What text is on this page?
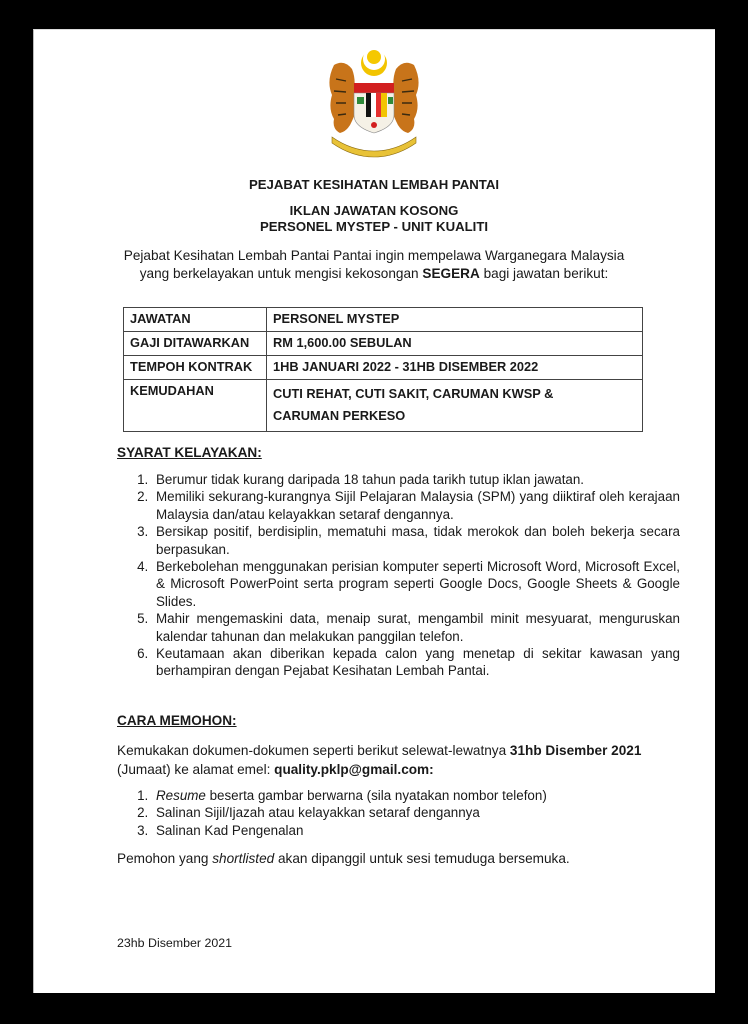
PEJABAT KESIHATAN LEMBAH PANTAI
IKLAN JAWATAN KOSONG
PERSONEL MYSTEP - UNIT KUALITI
Pejabat Kesihatan Lembah Pantai Pantai ingin mempelawa Warganegara Malaysia
yang berkelayakan untuk mengisi kekosongan SEGERA bagi jawatan berikut:
JAWATAN	PERSONEL MYSTEP
GAJI DITAWARKAN	RM 1,600.00 SEBULAN
TEMPOH KONTRAK	1HB JANUARI 2022 - 31HB DISEMBER 2022
KEMUDAHAN	CUTI REHAT, CUTI SAKIT, CARUMAN KWSP & CARUMAN PERKESO
SYARAT KELAYAKAN:
1. Berumur tidak kurang daripada 18 tahun pada tarikh tutup iklan jawatan.
2. Memiliki sekurang-kurangnya Sijil Pelajaran Malaysia (SPM) yang diiktiraf oleh kerajaan Malaysia dan/atau kelayakkan setaraf dengannya.
3. Bersikap positif, berdisiplin, mematuhi masa, tidak merokok dan boleh bekerja secara berpasukan.
4. Berkebolehan menggunakan perisian komputer seperti Microsoft Word, Microsoft Excel, & Microsoft PowerPoint serta program seperti Google Docs, Google Sheets & Google Slides.
5. Mahir mengemaskini data, menaip surat, mengambil minit mesyuarat, menguruskan kalendar tahunan dan melakukan panggilan telefon.
6. Keutamaan akan diberikan kepada calon yang menetap di sekitar kawasan yang berhampiran dengan Pejabat Kesihatan Lembah Pantai.
CARA MEMOHON:
Kemukakan dokumen-dokumen seperti berikut selewat-lewatnya 31hb Disember 2021
(Jumaat) ke alamat emel: quality.pklp@gmail.com:
1. Resume beserta gambar berwarna (sila nyatakan nombor telefon)
2. Salinan Sijil/Ijazah atau kelayakkan setaraf dengannya
3. Salinan Kad Pengenalan
Pemohon yang shortlisted akan dipanggil untuk sesi temuduga bersemuka.
23hb Disember 2021
